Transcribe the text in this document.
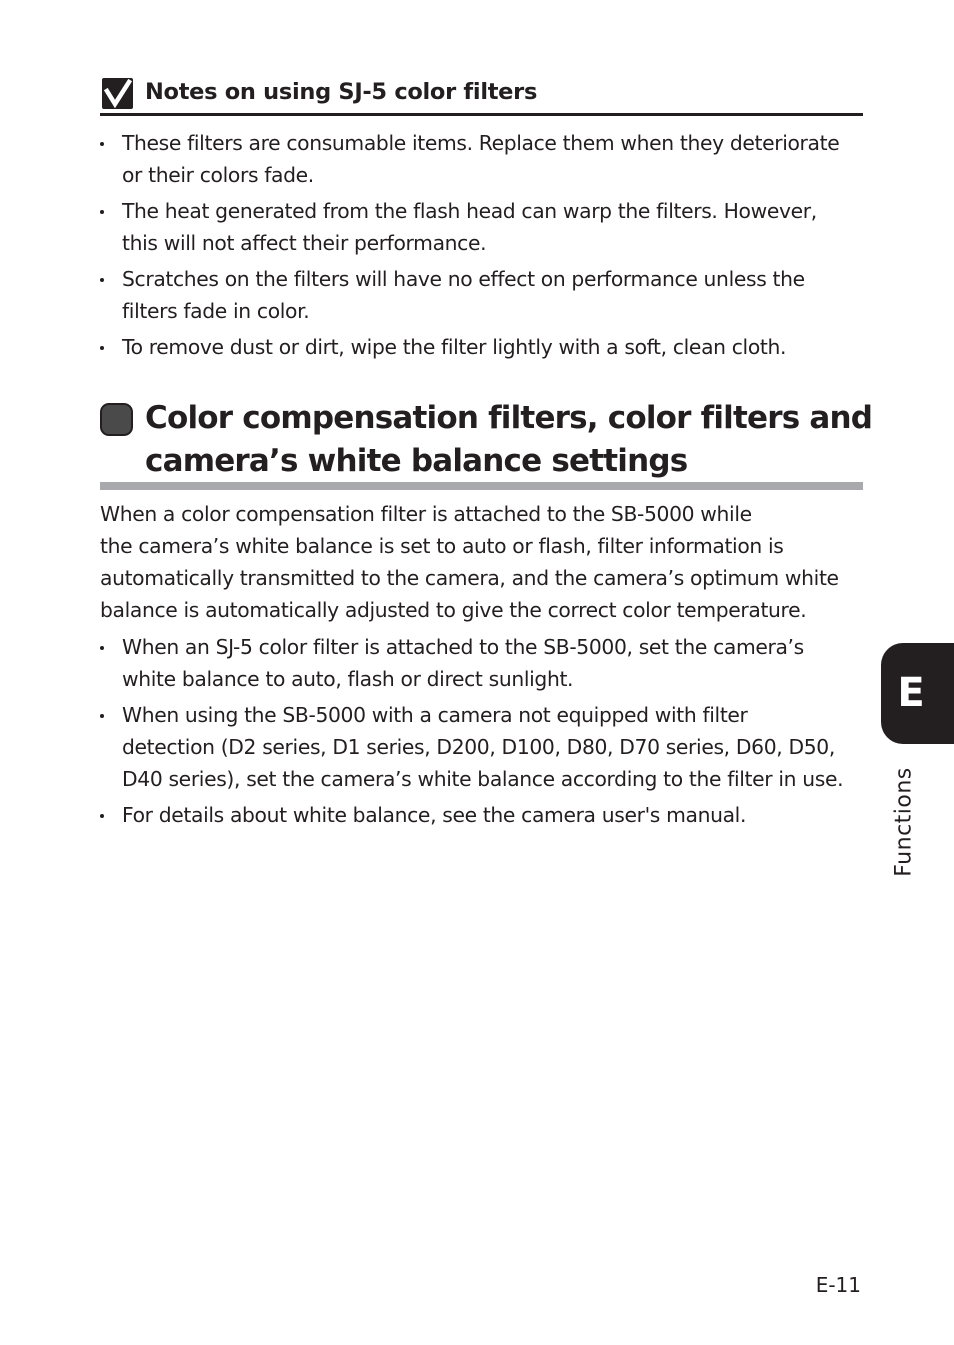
Notes on using SJ-5 color filters
These filters are consumable items. Replace them when they deteriorate
or their colors fade.
The heat generated from the flash head can warp the filters. However,
this will not affect their performance.
Scratches on the filters will have no effect on performance unless the
filters fade in color.
To remove dust or dirt, wipe the filter lightly with a soft, clean cloth.
Color compensation filters, color filters and
camera’s white balance settings
When a color compensation filter is attached to the SB-5000 while
the camera’s white balance is set to auto or flash, filter information is
automatically transmitted to the camera, and the camera’s optimum white
balance is automatically adjusted to give the correct color temperature.
When an SJ-5 color filter is attached to the SB-5000, set the camera’s
white balance to auto, flash or direct sunlight.
When using the SB-5000 with a camera not equipped with filter
detection (D2 series, D1 series, D200, D100, D80, D70 series, D60, D50,
D40 series), set the camera’s white balance according to the filter in use.
For details about white balance, see the camera user's manual.
E
Functions
E-11
